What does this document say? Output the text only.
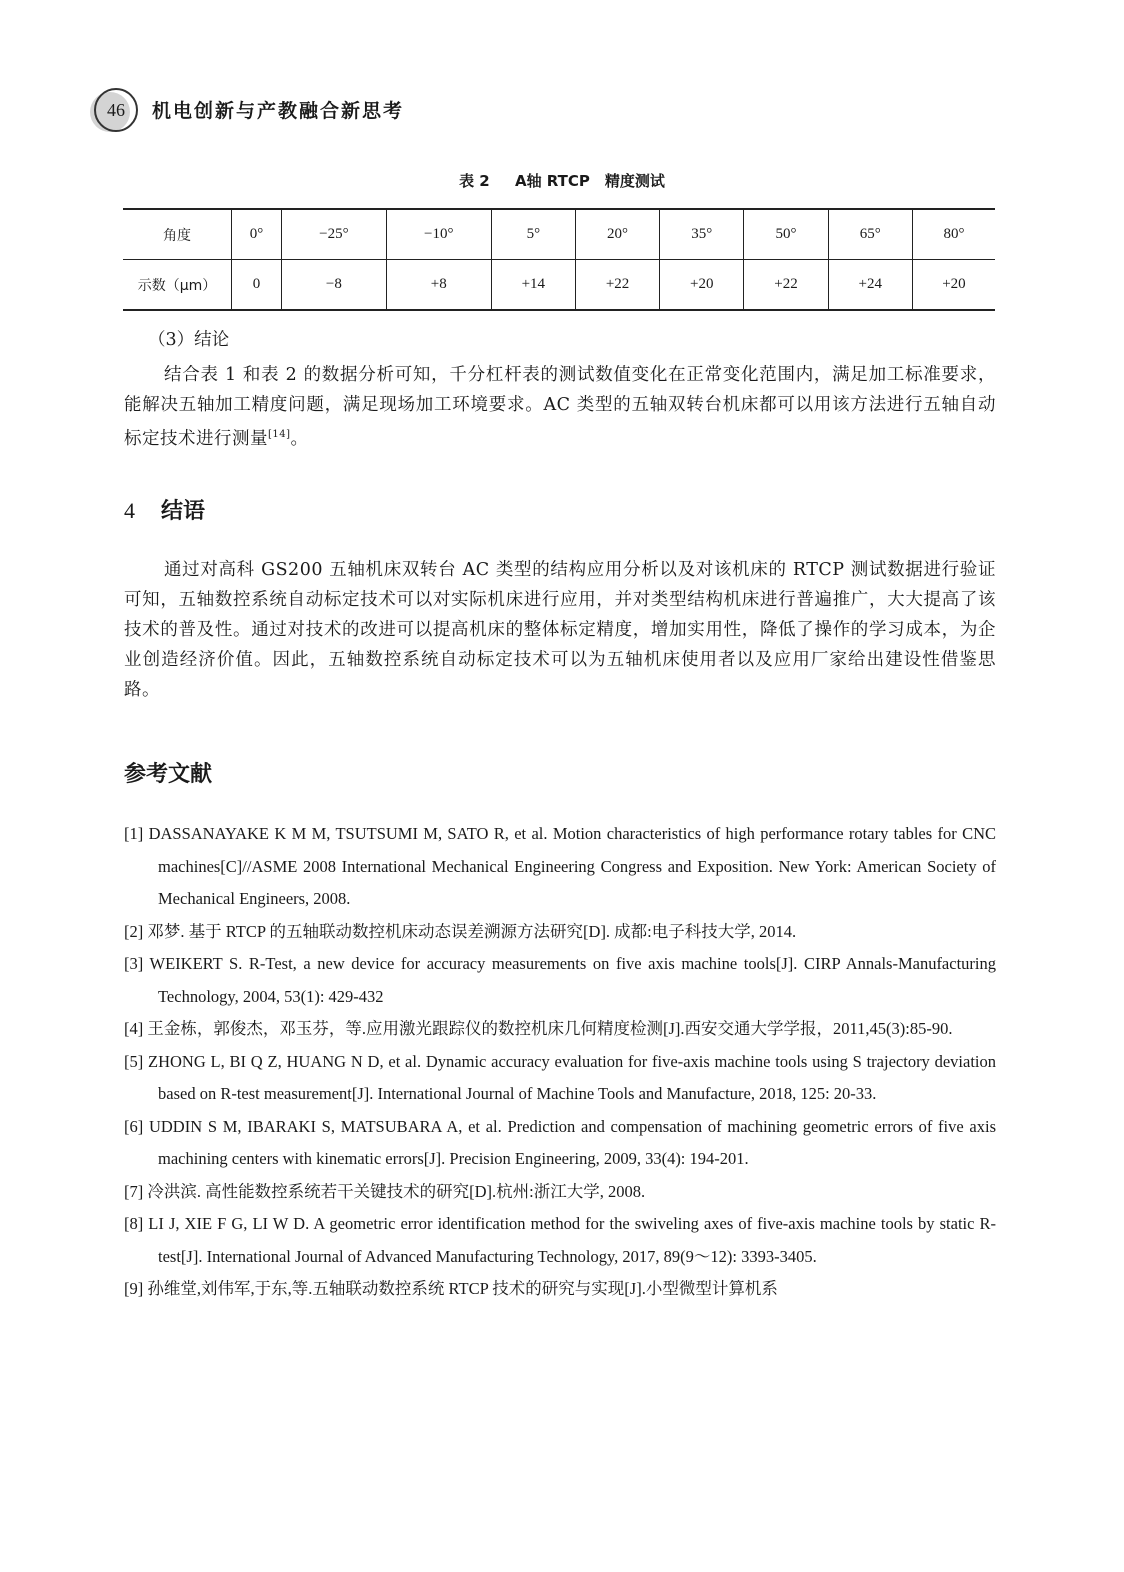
46	机电创新与产教融合新思考
表 2 A轴 RTCP　精度测试
角度	0°	−25°	−10°	5°	20°	35°	50°	65°	80°
示数（μm）	0	−8	+8	+14	+22	+20	+22	+24	+20
（3）结论
结合表 1 和表 2 的数据分析可知，千分杠杆表的测试数值变化在正常变化范围内，满足加工标准要求，能解决五轴加工精度问题，满足现场加工环境要求。AC 类型的五轴双转台机床都可以用该方法进行五轴自动标定技术进行测量[14]。
4 结语
通过对高科 GS200 五轴机床双转台 AC 类型的结构应用分析以及对该机床的 RTCP 测试数据进行验证可知，五轴数控系统自动标定技术可以对实际机床进行应用，并对类型结构机床进行普遍推广，大大提高了该技术的普及性。通过对技术的改进可以提高机床的整体标定精度，增加实用性，降低了操作的学习成本，为企业创造经济价值。因此，五轴数控系统自动标定技术可以为五轴机床使用者以及应用厂家给出建设性借鉴思路。
参考文献
[1] DASSANAYAKE K M M, TSUTSUMI M, SATO R, et al. Motion characteristics of high performance rotary tables for CNC machines[C]//ASME 2008 International Mechanical Engineering Congress and Exposition. New York: American Society of Mechanical Engineers, 2008.
[2] 邓梦. 基于 RTCP 的五轴联动数控机床动态误差溯源方法研究[D]. 成都:电子科技大学, 2014.
[3] WEIKERT S. R-Test, a new device for accuracy measurements on five axis machine tools[J]. CIRP Annals-Manufacturing Technology, 2004, 53(1): 429-432
[4] 王金栋，郭俊杰，邓玉芬，等.应用激光跟踪仪的数控机床几何精度检测[J].西安交通大学学报，2011,45(3):85-90.
[5] ZHONG L, BI Q Z, HUANG N D, et al. Dynamic accuracy evaluation for five-axis machine tools using S trajectory deviation based on R-test measurement[J]. International Journal of Machine Tools and Manufacture, 2018, 125: 20-33.
[6] UDDIN S M, IBARAKI S, MATSUBARA A, et al. Prediction and compensation of machining geometric errors of five axis machining centers with kinematic errors[J]. Precision Engineering, 2009, 33(4): 194-201.
[7] 冷洪滨. 高性能数控系统若干关键技术的研究[D].杭州:浙江大学, 2008.
[8] LI J, XIE F G, LI W D. A geometric error identification method for the swiveling axes of five-axis machine tools by static R-test[J]. International Journal of Advanced Manufacturing Technology, 2017, 89(9～12): 3393-3405.
[9] 孙维堂,刘伟军,于东,等.五轴联动数控系统 RTCP 技术的研究与实现[J].小型微型计算机系
